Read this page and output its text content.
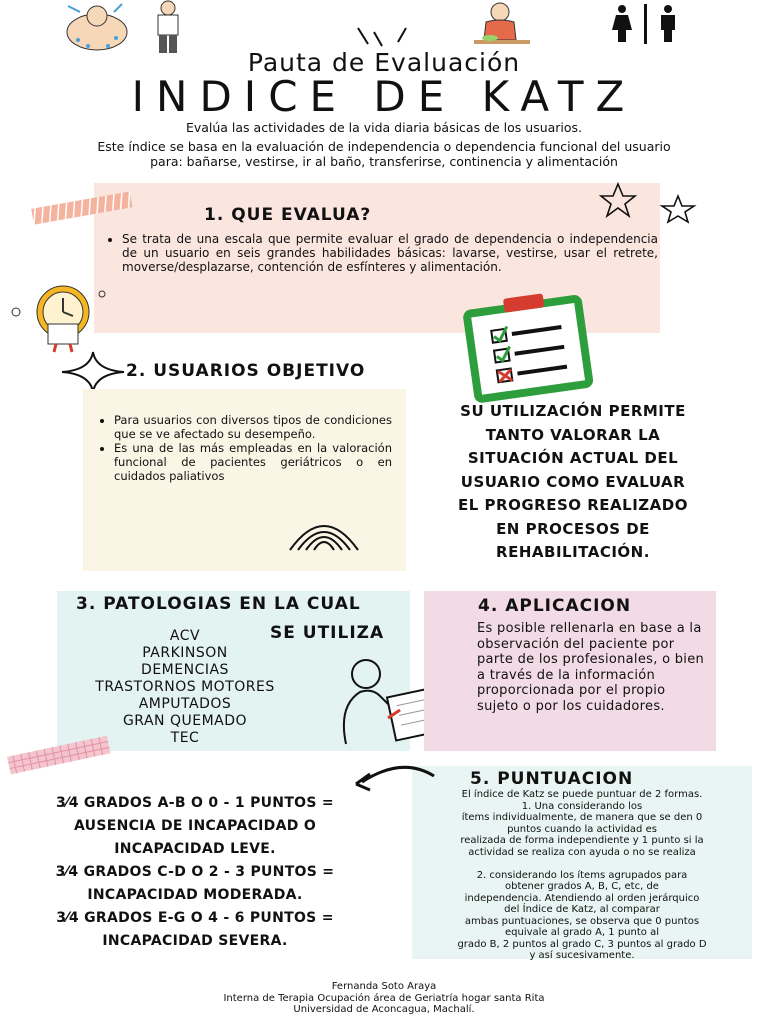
Pauta de Evaluación
INDICE DE KATZ
Evalúa las actividades de la vida diaria básicas de los usuarios.
Este índice se basa en la evaluación de independencia o dependencia funcional del usuario para: bañarse, vestirse, ir al baño, transferirse, continencia y alimentación
1. QUE EVALUA?
• Se trata de una escala que permite evaluar el grado de dependencia o independencia de un usuario en seis grandes habilidades básicas: lavarse, vestirse, usar el retrete, moverse/desplazarse, contención de esfínteres y alimentación.
2. USUARIOS OBJETIVO
• Para usuarios con diversos tipos de condiciones que se ve afectado su desempeño.
• Es una de las más empleadas en la valoración funcional de pacientes geriátricos o en cuidados paliativos
SU UTILIZACIÓN PERMITE TANTO VALORAR LA SITUACIÓN ACTUAL DEL USUARIO COMO EVALUAR EL PROGRESO REALIZADO EN PROCESOS DE REHABILITACIÓN.
3. PATOLOGIAS EN LA CUAL
SE UTILIZA
ACV
PARKINSON
DEMENCIAS
TRASTORNOS MOTORES
AMPUTADOS
GRAN QUEMADO
TEC
4. APLICACION
Es posible rellenarla en base a la observación del paciente por parte de los profesionales, o bien a través de la información proporcionada por el propio sujeto o por los cuidadores.
5. PUNTUACION
El índice de Katz se puede puntuar de 2 formas.
1. Una considerando los
ítems individualmente, de manera que se den 0
puntos cuando la actividad es
realizada de forma independiente y 1 punto si la
actividad se realiza con ayuda o no se realiza
2. considerando los ítems agrupados para
obtener grados A, B, C, etc, de
independencia. Atendiendo al orden jerárquico
del Índice de Katz, al comparar
ambas puntuaciones, se observa que 0 puntos
equivale al grado A, 1 punto al
grado B, 2 puntos al grado C, 3 puntos al grado D
y así sucesivamente.
3⁄4 GRADOS A-B O 0 - 1 PUNTOS =
AUSENCIA DE INCAPACIDAD O
INCAPACIDAD LEVE.
3⁄4 GRADOS C-D O 2 - 3 PUNTOS =
INCAPACIDAD MODERADA.
3⁄4 GRADOS E-G O 4 - 6 PUNTOS =
INCAPACIDAD SEVERA.
Fernanda Soto Araya
Interna de Terapia Ocupación área de Geriatría hogar santa Rita
Universidad de Aconcagua, Machalí.
